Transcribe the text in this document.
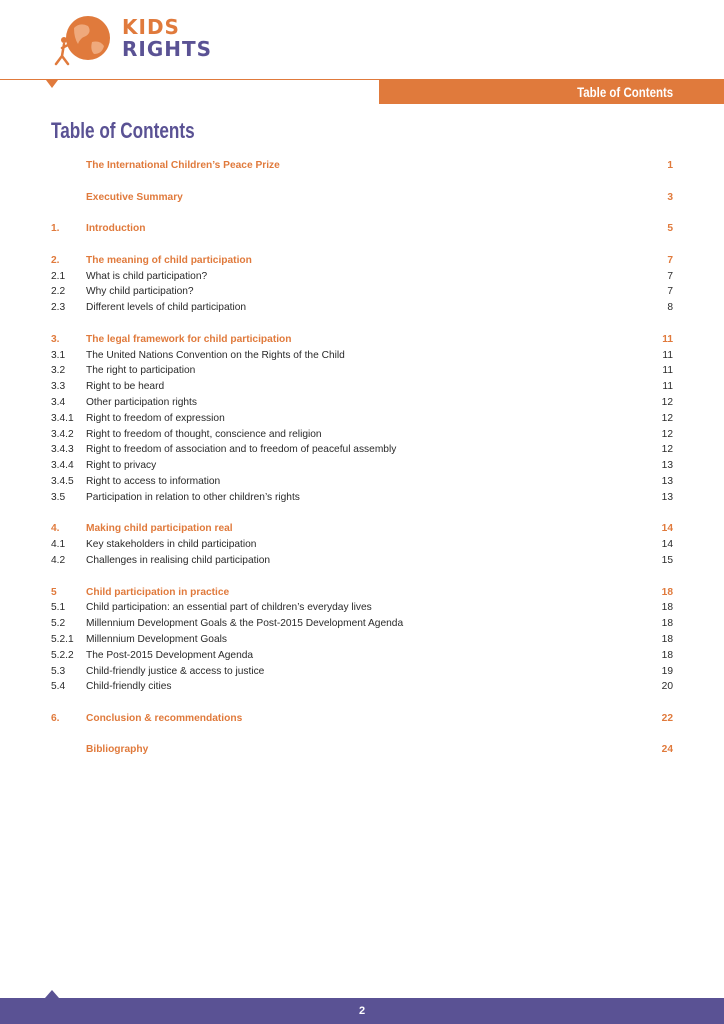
KIDS
RIGHTS
Table of Contents
Table of Contents
The International Children’s Peace Prize	1
Executive Summary	3
1.	Introduction	5
2.	The meaning of child participation	7
2.1 What is child participation?	7
2.2 Why child participation?	7
2.3 Different levels of child participation	8
3.	The legal framework for child participation	11
3.1 The United Nations Convention on the Rights of the Child	11
3.2 The right to participation	11
3.3 Right to be heard	11
3.4 Other participation rights	12
3.4.1 Right to freedom of expression	12
3.4.2 Right to freedom of thought, conscience and religion	12
3.4.3 Right to freedom of association and to freedom of peaceful assembly	12
3.4.4 Right to privacy	13
3.4.5 Right to access to information	13
3.5 Participation in relation to other children’s rights	13
4.	Making child participation real	14
4.1 Key stakeholders in child participation	14
4.2 Challenges in realising child participation	15
5	Child participation in practice	18
5.1 Child participation: an essential part of children’s everyday lives	18
5.2 Millennium Development Goals & the Post-2015 Development Agenda	18
5.2.1 Millennium Development Goals	18
5.2.2 The Post-2015 Development Agenda	18
5.3 Child-friendly justice & access to justice	19
5.4 Child-friendly cities	20
6.	Conclusion & recommendations	22
Bibliography	24
2
